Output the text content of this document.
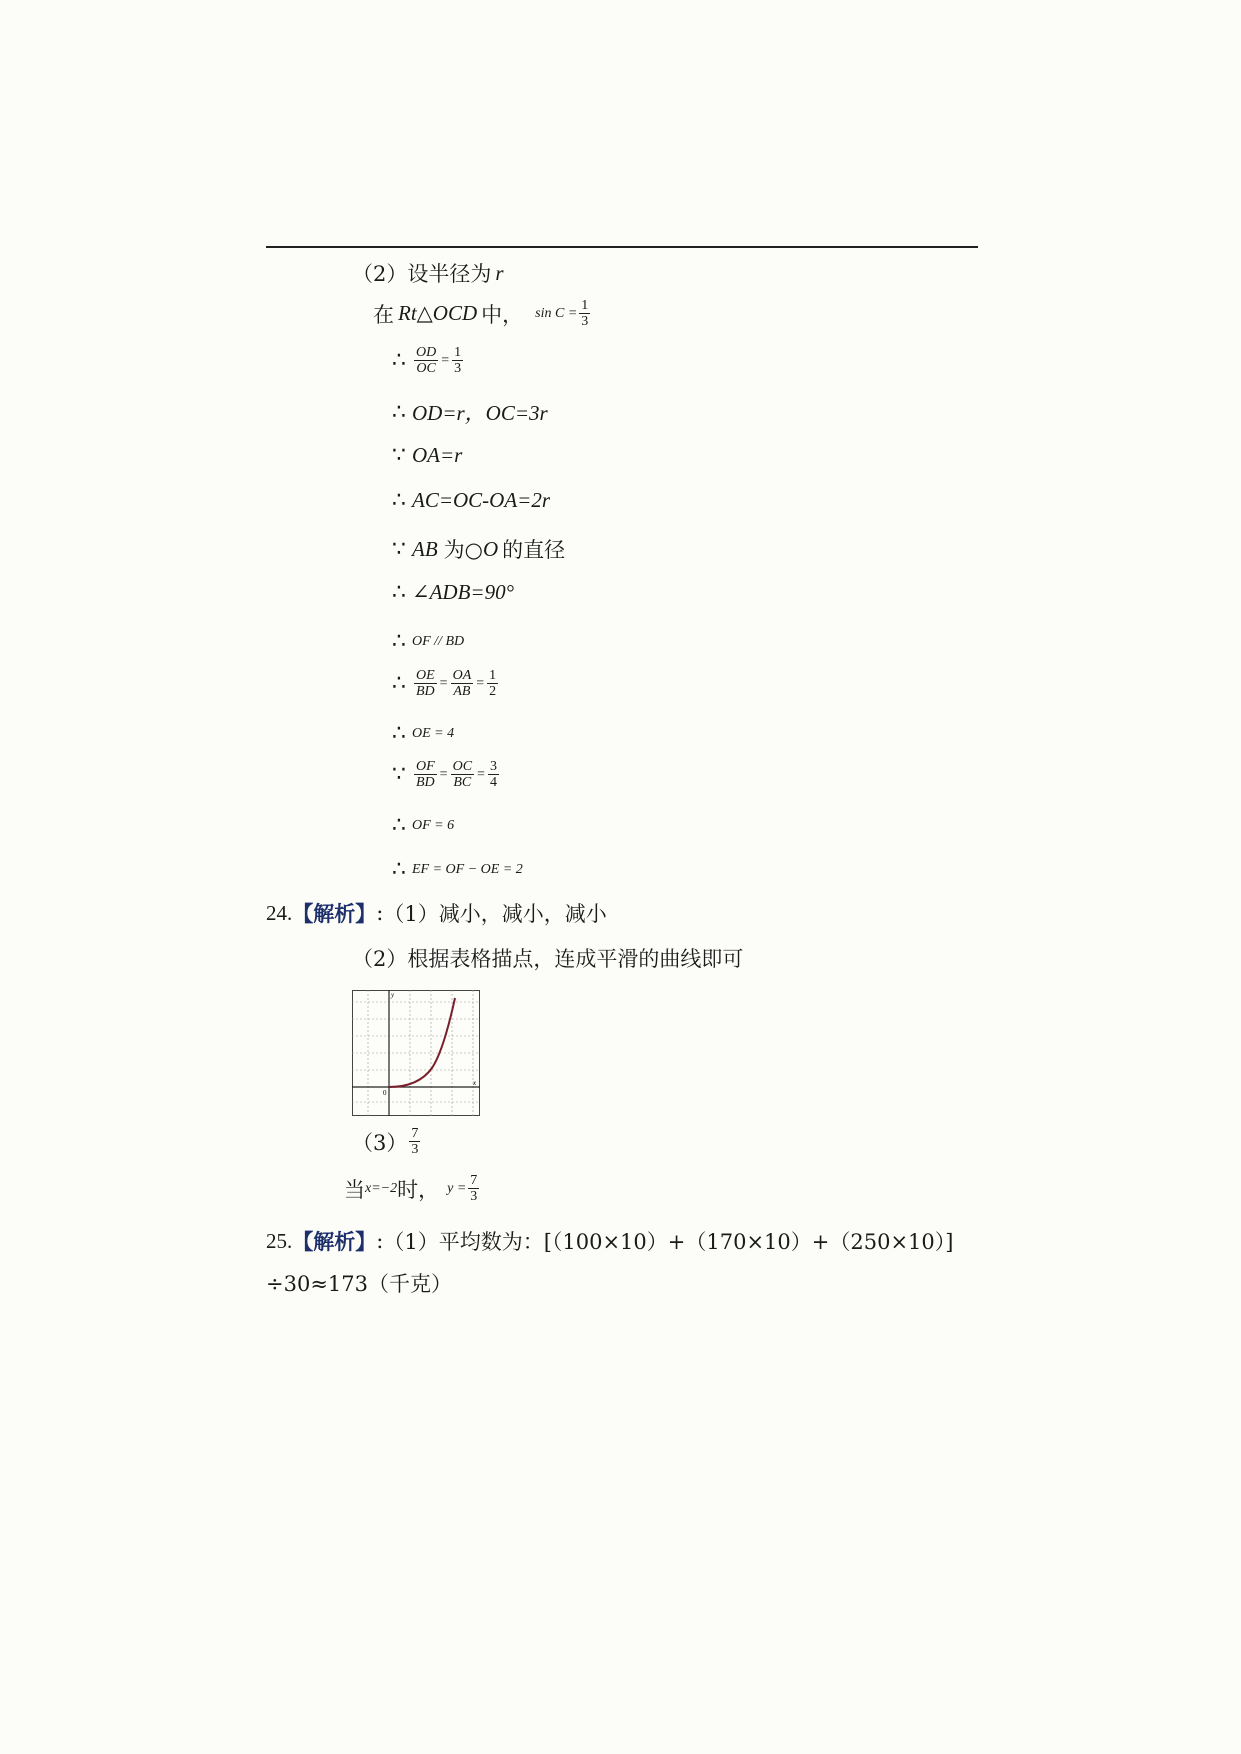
（2）设半径为 r
在 Rt△OCD 中， $\sin C = \frac{1}{3}$
∴ $\frac{OD}{OC} = \frac{1}{3}$
∴ OD=r，OC=3r
∵ OA=r
∴ AC=OC-OA=2r
∵ AB 为○ O 的直径
∴ ∠ADB=90°
∴ OF // BD
∴ $\frac{OE}{BD} = \frac{OA}{AB} = \frac{1}{2}$
∴ OE = 4
∵ $\frac{OF}{BD} = \frac{OC}{BC} = \frac{3}{4}$
∴ OF = 6
∴ EF = OF − OE = 2
24. 【解析】 : （1）减小，减小，减小
（2）根据表格描点，连成平滑的曲线即可
x
y
0
$(3) \frac{7}{3}$
当 x=−2 时， $y = \frac{7}{3}$
25. 【解析】 : （1）平均数为：[（100×10）+（170×10）+（250×10）]
÷30≈173（千克）
